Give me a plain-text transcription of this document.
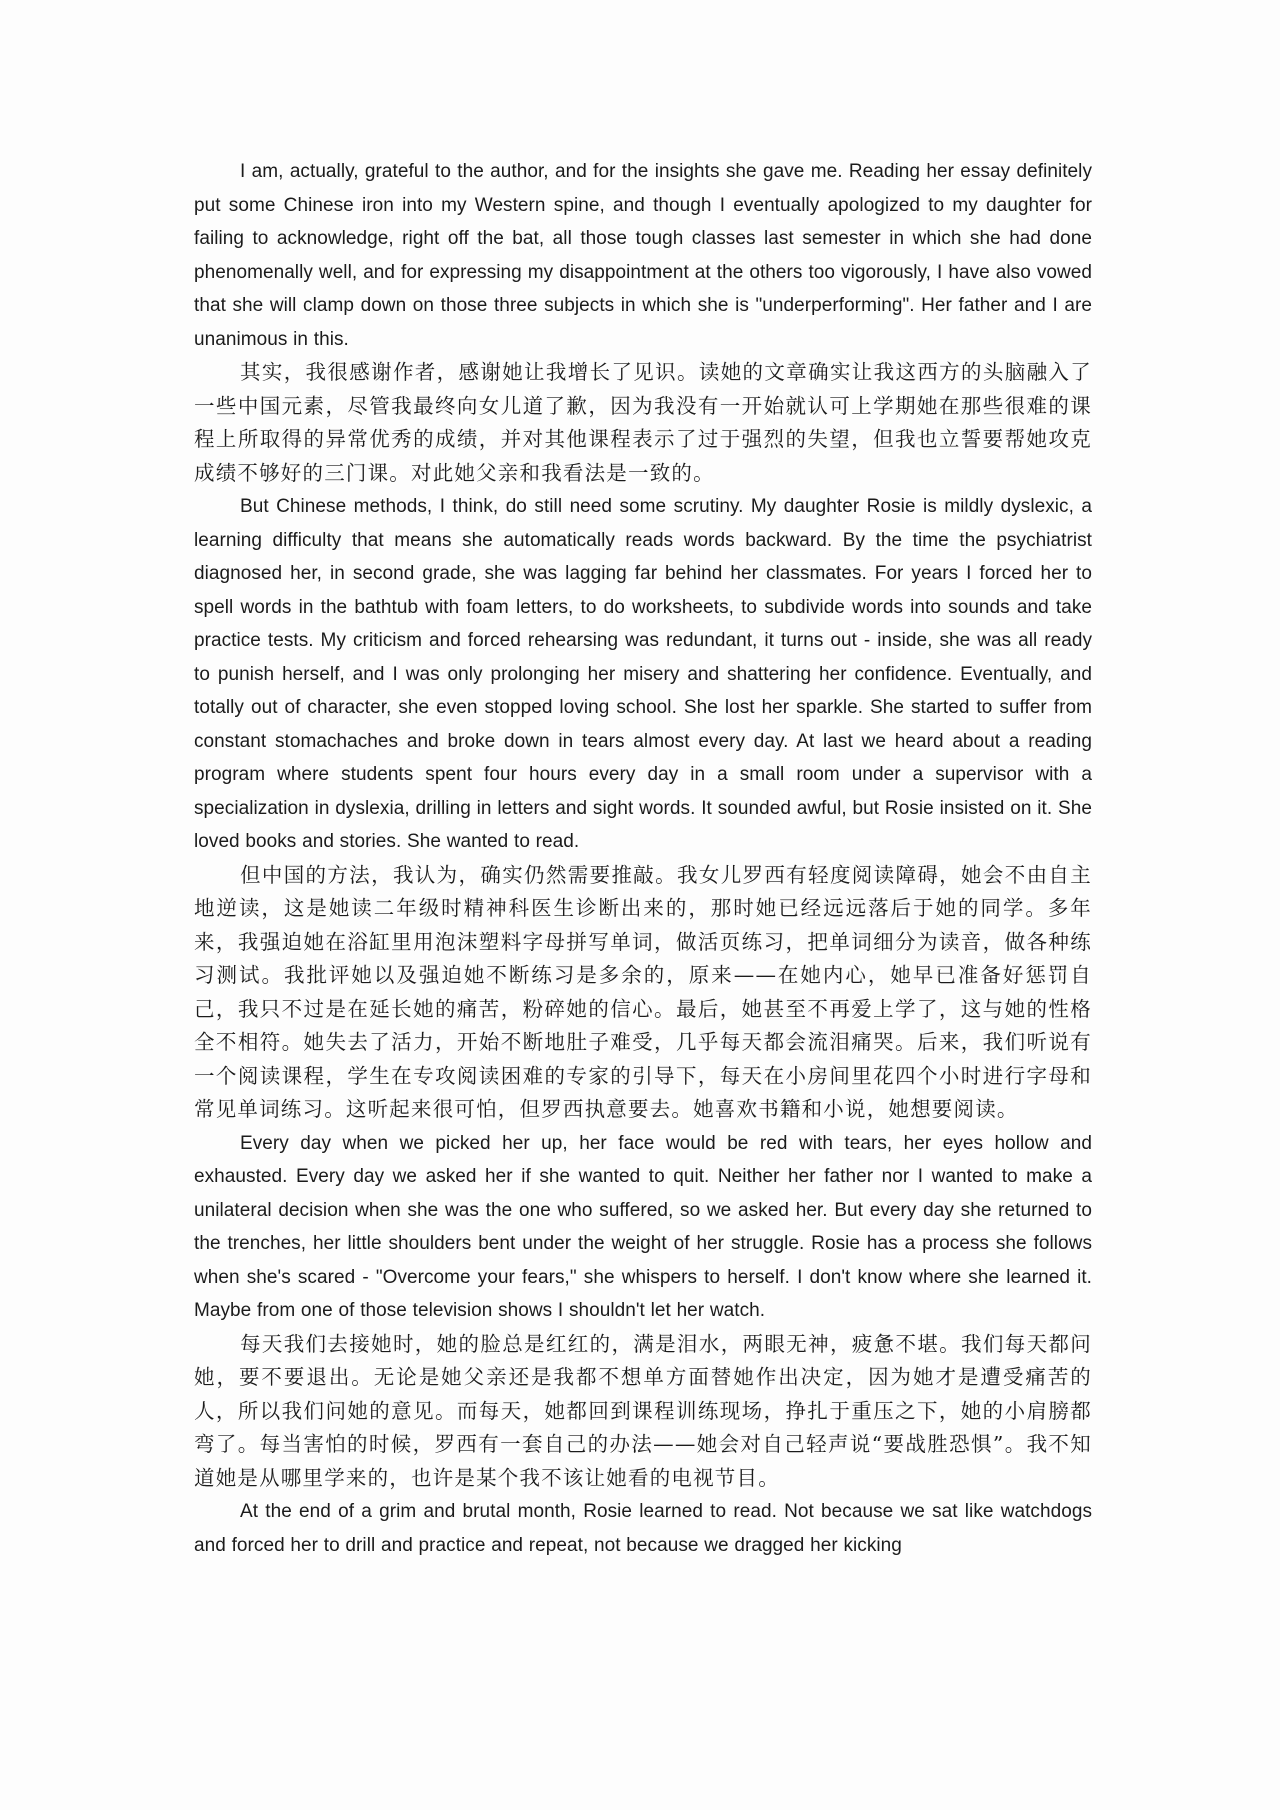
I am, actually, grateful to the author, and for the insights she gave me. Reading her essay definitely put some Chinese iron into my Western spine, and though I eventually apologized to my daughter for failing to acknowledge, right off the bat, all those tough classes last semester in which she had done phenomenally well, and for expressing my disappointment at the others too vigorously, I have also vowed that she will clamp down on those three subjects in which she is "underperforming". Her father and I are unanimous in this.

其实，我很感谢作者，感谢她让我增长了见识。读她的文章确实让我这西方的头脑融入了一些中国元素，尽管我最终向女儿道了歉，因为我没有一开始就认可上学期她在那些很难的课程上所取得的异常优秀的成绩，并对其他课程表示了过于强烈的失望，但我也立誓要帮她攻克成绩不够好的三门课。对此她父亲和我看法是一致的。

But Chinese methods, I think, do still need some scrutiny. My daughter Rosie is mildly dyslexic, a learning difficulty that means she automatically reads words backward. By the time the psychiatrist diagnosed her, in second grade, she was lagging far behind her classmates. For years I forced her to spell words in the bathtub with foam letters, to do worksheets, to subdivide words into sounds and take practice tests. My criticism and forced rehearsing was redundant, it turns out - inside, she was all ready to punish herself, and I was only prolonging her misery and shattering her confidence. Eventually, and totally out of character, she even stopped loving school. She lost her sparkle. She started to suffer from constant stomachaches and broke down in tears almost every day. At last we heard about a reading program where students spent four hours every day in a small room under a supervisor with a specialization in dyslexia, drilling in letters and sight words. It sounded awful, but Rosie insisted on it. She loved books and stories. She wanted to read.

但中国的方法，我认为，确实仍然需要推敲。我女儿罗西有轻度阅读障碍，她会不由自主地逆读，这是她读二年级时精神科医生诊断出来的，那时她已经远远落后于她的同学。多年来，我强迫她在浴缸里用泡沫塑料字母拼写单词，做活页练习，把单词细分为读音，做各种练习测试。我批评她以及强迫她不断练习是多余的，原来——在她内心，她早已准备好惩罚自己，我只不过是在延长她的痛苦，粉碎她的信心。最后，她甚至不再爱上学了，这与她的性格全不相符。她失去了活力，开始不断地肚子难受，几乎每天都会流泪痛哭。后来，我们听说有一个阅读课程，学生在专攻阅读困难的专家的引导下，每天在小房间里花四个小时进行字母和常见单词练习。这听起来很可怕，但罗西执意要去。她喜欢书籍和小说，她想要阅读。

Every day when we picked her up, her face would be red with tears, her eyes hollow and exhausted. Every day we asked her if she wanted to quit. Neither her father nor I wanted to make a unilateral decision when she was the one who suffered, so we asked her. But every day she returned to the trenches, her little shoulders bent under the weight of her struggle. Rosie has a process she follows when she's scared - "Overcome your fears," she whispers to herself. I don't know where she learned it. Maybe from one of those television shows I shouldn't let her watch.

每天我们去接她时，她的脸总是红红的，满是泪水，两眼无神，疲惫不堪。我们每天都问她，要不要退出。无论是她父亲还是我都不想单方面替她作出决定，因为她才是遭受痛苦的人，所以我们问她的意见。而每天，她都回到课程训练现场，挣扎于重压之下，她的小肩膀都弯了。每当害怕的时候，罗西有一套自己的办法——她会对自己轻声说“要战胜恐惧”。我不知道她是从哪里学来的，也许是某个我不该让她看的电视节目。

At the end of a grim and brutal month, Rosie learned to read. Not because we sat like watchdogs and forced her to drill and practice and repeat, not because we dragged her kicking
